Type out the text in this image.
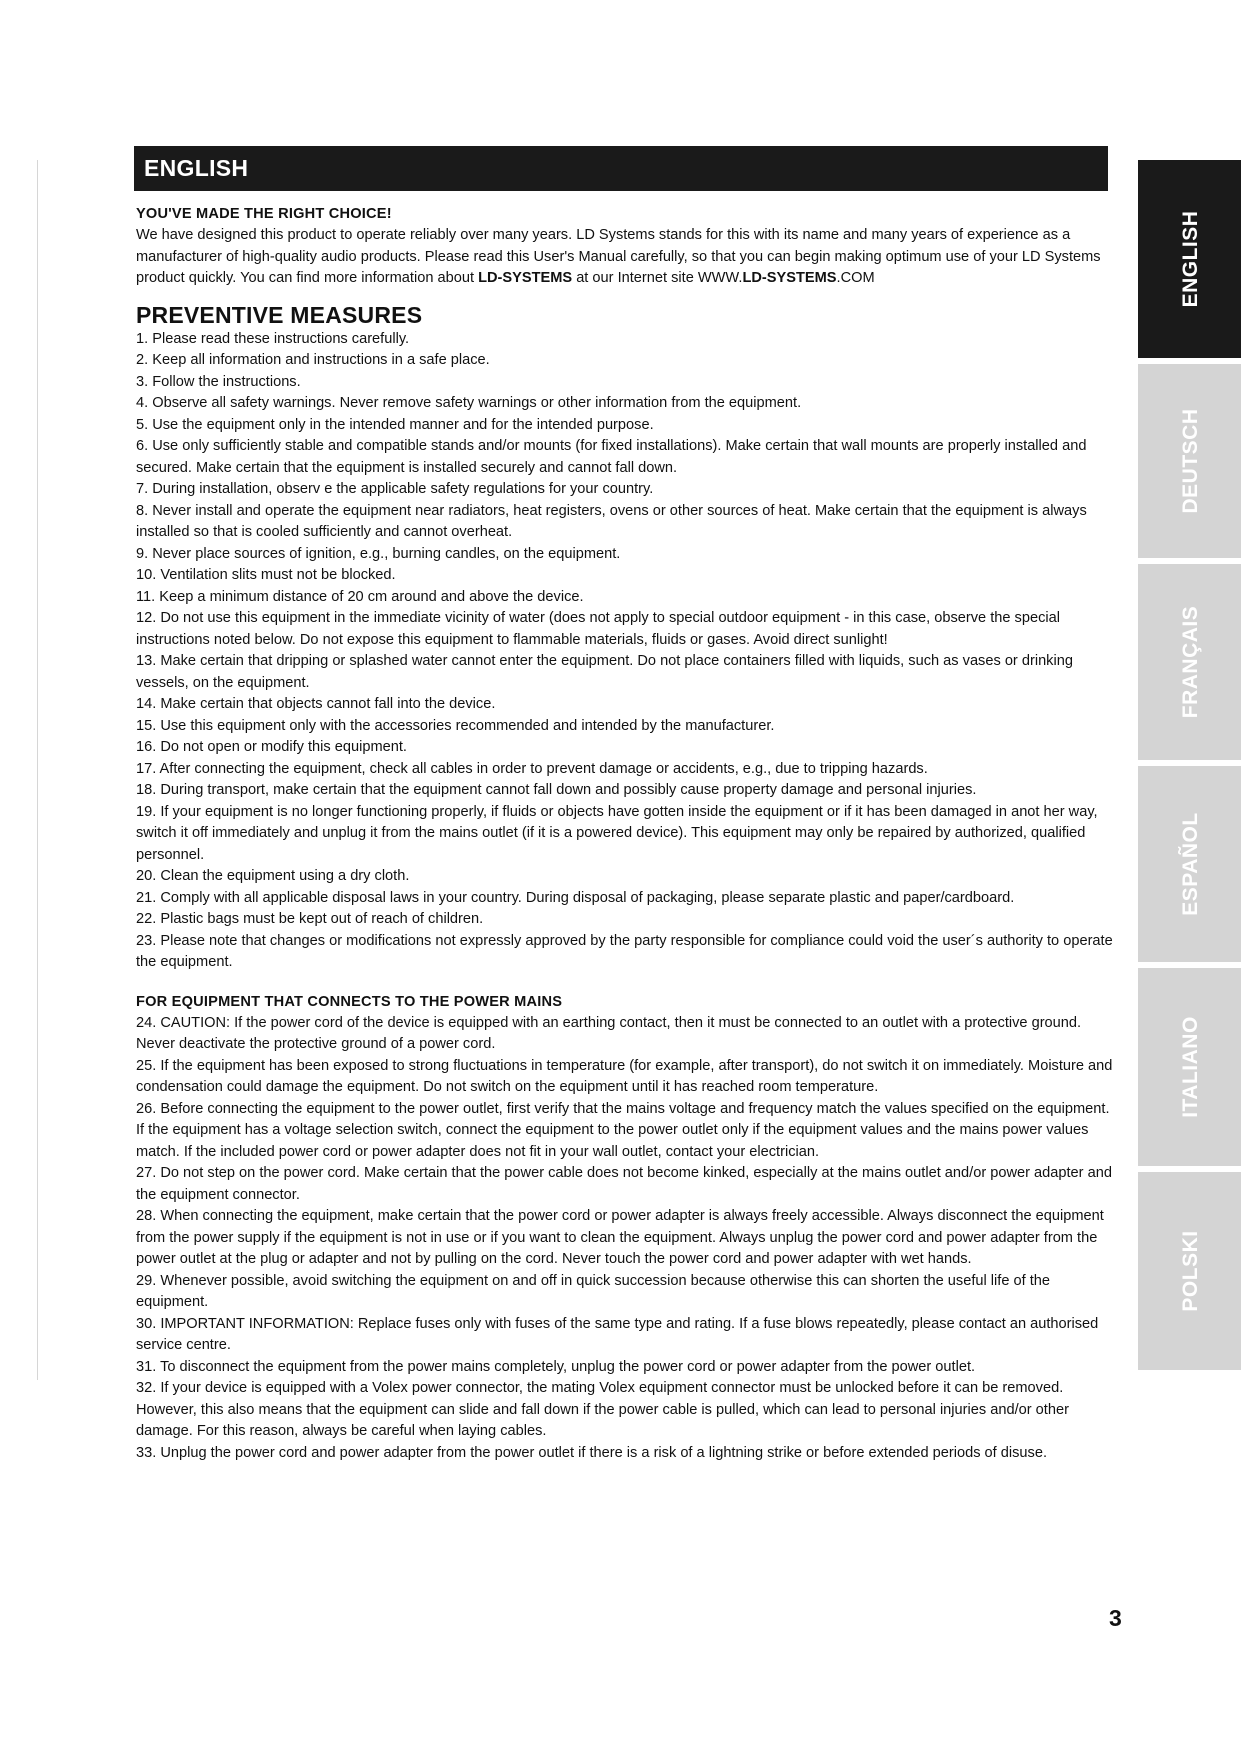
ENGLISH
YOU'VE MADE THE RIGHT CHOICE!

We have designed this product to operate reliably over many years. LD Systems stands for this with its name and many years of experience as a manufacturer of high-quality audio products. Please read this User's Manual carefully, so that you can begin making optimum use of your LD Systems product quickly. You can find more information about LD-SYSTEMS at our Internet site WWW.LD-SYSTEMS.COM

PREVENTIVE MEASURES

1. Please read these instructions carefully.

2. Keep all information and instructions in a safe place.

3. Follow the instructions.

4. Observe all safety warnings. Never remove safety warnings or other information from the equipment.

5. Use the equipment only in the intended manner and for the intended purpose.

6. Use only sufficiently stable and compatible stands and/or mounts (for fixed installations). Make certain that wall mounts are properly installed and secured. Make certain that the equipment is installed securely and cannot fall down.

7. During installation, observ e the applicable safety regulations for your country.

8. Never install and operate the equipment near radiators, heat registers, ovens or other sources of heat. Make certain that the equipment is always installed so that is cooled sufficiently and cannot overheat.

9. Never place sources of ignition, e.g., burning candles, on the equipment.

10. Ventilation slits must not be blocked.

11. Keep a minimum distance of 20 cm around and above the device.

12. Do not use this equipment in the immediate vicinity of water (does not apply to special outdoor equipment - in this case, observe the special instructions noted below. Do not expose this equipment to flammable materials, fluids or gases. Avoid direct sunlight!

13. Make certain that dripping or splashed water cannot enter the equipment. Do not place containers filled with liquids, such as vases or drinking vessels, on the equipment.

14. Make certain that objects cannot fall into the device.

15. Use this equipment only with the accessories recommended and intended by the manufacturer.

16. Do not open or modify this equipment.

17. After connecting the equipment, check all cables in order to prevent damage or accidents, e.g., due to tripping hazards.

18. During transport, make certain that the equipment cannot fall down and possibly cause property damage and personal injuries.

19. If your equipment is no longer functioning properly, if fluids or objects have gotten inside the equipment or if it has been damaged in anot her way, switch it off immediately and unplug it from the mains outlet (if it is a powered device). This equipment may only be repaired by authorized, qualified personnel.

20. Clean the equipment using a dry cloth.

21. Comply with all applicable disposal laws in your country. During disposal of packaging, please separate plastic and paper/cardboard.

22. Plastic bags must be kept out of reach of children.

23. Please note that changes or modifications not expressly approved by the party responsible for compliance could void the user´s authority to operate the equipment.

FOR EQUIPMENT THAT CONNECTS TO THE POWER MAINS

24. CAUTION: If the power cord of the device is equipped with an earthing contact, then it must be connected to an outlet with a protective ground. Never deactivate the protective ground of a power cord.

25. If the equipment has been exposed to strong fluctuations in temperature (for example, after transport), do not switch it on immediately. Moisture and condensation could damage the equipment. Do not switch on the equipment until it has reached room temperature.

26. Before connecting the equipment to the power outlet, first verify that the mains voltage and frequency match the values specified on the equipment. If the equipment has a voltage selection switch, connect the equipment to the power outlet only if the equipment values and the mains power values match. If the included power cord or power adapter does not fit in your wall outlet, contact your electrician.

27. Do not step on the power cord. Make certain that the power cable does not become kinked, especially at the mains outlet and/or power adapter and the equipment connector.

28. When connecting the equipment, make certain that the power cord or power adapter is always freely accessible. Always disconnect the equipment from the power supply if the equipment is not in use or if you want to clean the equipment. Always unplug the power cord and power adapter from the power outlet at the plug or adapter and not by pulling on the cord. Never touch the power cord and power adapter with wet hands.

29. Whenever possible, avoid switching the equipment on and off in quick succession because otherwise this can shorten the useful life of the equipment.

30. IMPORTANT INFORMATION: Replace fuses only with fuses of the same type and rating. If a fuse blows repeatedly, please contact an authorised service centre.

31. To disconnect the equipment from the power mains completely, unplug the power cord or power adapter from the power outlet.

32. If your device is equipped with a Volex power connector, the mating Volex equipment connector must be unlocked before it can be removed. However, this also means that the equipment can slide and fall down if the power cable is pulled, which can lead to personal injuries and/or other damage. For this reason, always be careful when laying cables.

33. Unplug the power cord and power adapter from the power outlet if there is a risk of a lightning strike or before extended periods of disuse.

ENGLISH
DEUTSCH
FRANÇAIS
ESPAÑOL
ITALIANO
POLSKI
3
